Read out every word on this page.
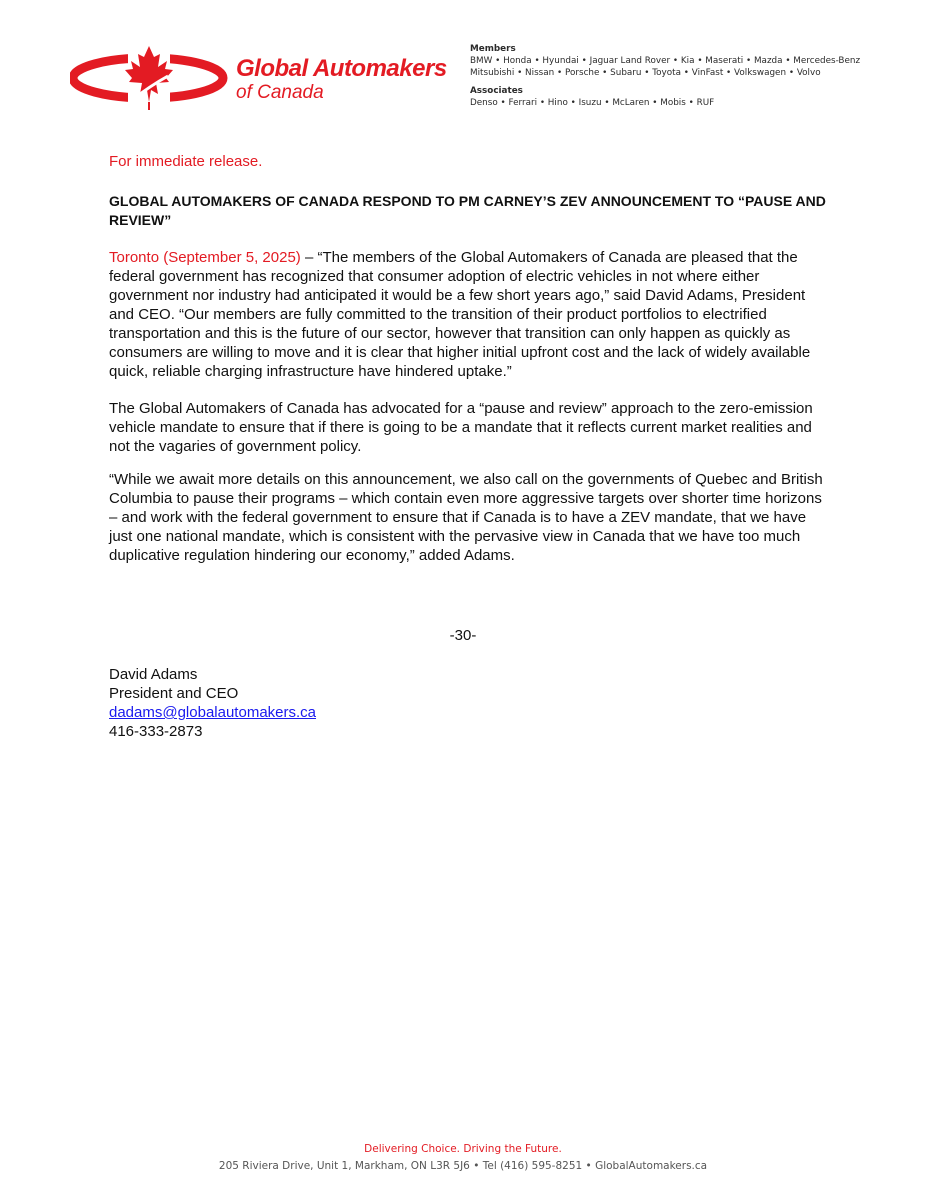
Global Automakers
of Canada
Members
BMW • Honda • Hyundai • Jaguar Land Rover • Kia • Maserati • Mazda • Mercedes-Benz
Mitsubishi • Nissan • Porsche • Subaru • Toyota • VinFast • Volkswagen • Volvo
Associates
Denso • Ferrari • Hino • Isuzu • McLaren • Mobis • RUF
For immediate release.
GLOBAL AUTOMAKERS OF CANADA RESPOND TO PM CARNEY’S ZEV ANNOUNCEMENT TO “PAUSE AND REVIEW”

Toronto (September 5, 2025) – “The members of the Global Automakers of Canada are pleased that the federal government has recognized that consumer adoption of electric vehicles in not where either government nor industry had anticipated it would be a few short years ago,” said David Adams, President and CEO. “Our members are fully committed to the transition of their product portfolios to electrified transportation and this is the future of our sector, however that transition can only happen as quickly as consumers are willing to move and it is clear that higher initial upfront cost and the lack of widely available quick, reliable charging infrastructure have hindered uptake.”

The Global Automakers of Canada has advocated for a “pause and review” approach to the zero-emission vehicle mandate to ensure that if there is going to be a mandate that it reflects current market realities and not the vagaries of government policy.

“While we await more details on this announcement, we also call on the governments of Quebec and British Columbia to pause their programs – which contain even more aggressive targets over shorter time horizons – and work with the federal government to ensure that if Canada is to have a ZEV mandate, that we have just one national mandate, which is consistent with the pervasive view in Canada that we have too much duplicative regulation hindering our economy,” added Adams.

-30-
David Adams
President and CEO
dadams@globalautomakers.ca
416-333-2873
Delivering Choice. Driving the Future.
205 Riviera Drive, Unit 1, Markham, ON L3R 5J6 • Tel (416) 595-8251 • GlobalAutomakers.ca
